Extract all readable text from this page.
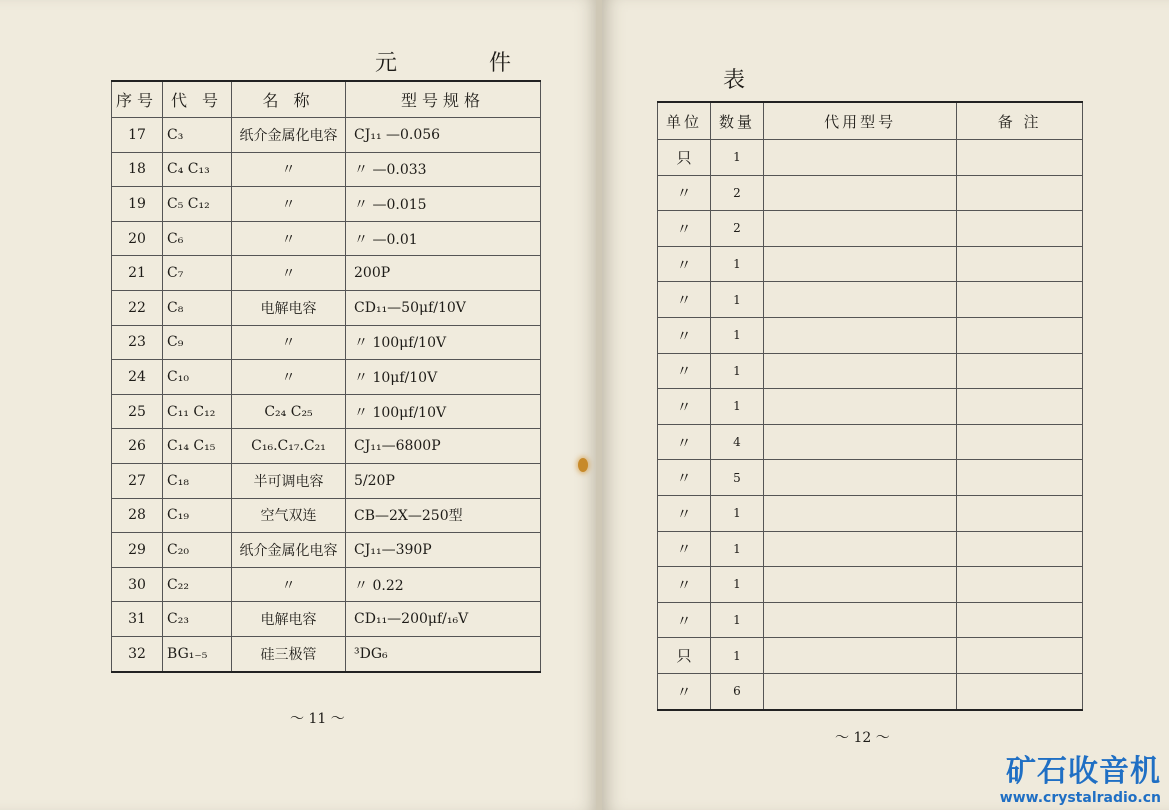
元	件
序号	代 号	名 称	型号规格
17	C₃	纸介金属化电容	CJ₁₁ —0.056
18	C₄ C₁₃	〃	〃 —0.033
19	C₅ C₁₂	〃	〃 —0.015
20	C₆	〃	〃 —0.01
21	C₇	〃	200P
22	C₈	电解电容	CD₁₁—50μf/10V
23	C₉	〃	〃 100μf/10V
24	C₁₀	〃	〃 10μf/10V
25	C₁₁ C₁₂	C₂₄ C₂₅	〃 100μf/10V
26	C₁₄ C₁₅	C₁₆.C₁₇.C₂₁	CJ₁₁—6800P
27	C₁₈	半可调电容	5/20P
28	C₁₉	空气双连	CB—2X—250型
29	C₂₀	纸介金属化电容	CJ₁₁—390P
30	C₂₂	〃	〃 0.22
31	C₂₃	电解电容	CD₁₁—200μf/₁₆V
32	BG₁₋₅	硅三极管	³DG₆
～ 11 ～
表
～ 12 ～
单位	数量	代用型号	备 注
只	1		
〃	2		
〃	2		
〃	1		
〃	1		
〃	1		
〃	1		
〃	1		
〃	4		
〃	5		
〃	1		
〃	1		
〃	1		
〃	1		
只	1		
〃	6		
矿石收音机
www.crystalradio.cn
